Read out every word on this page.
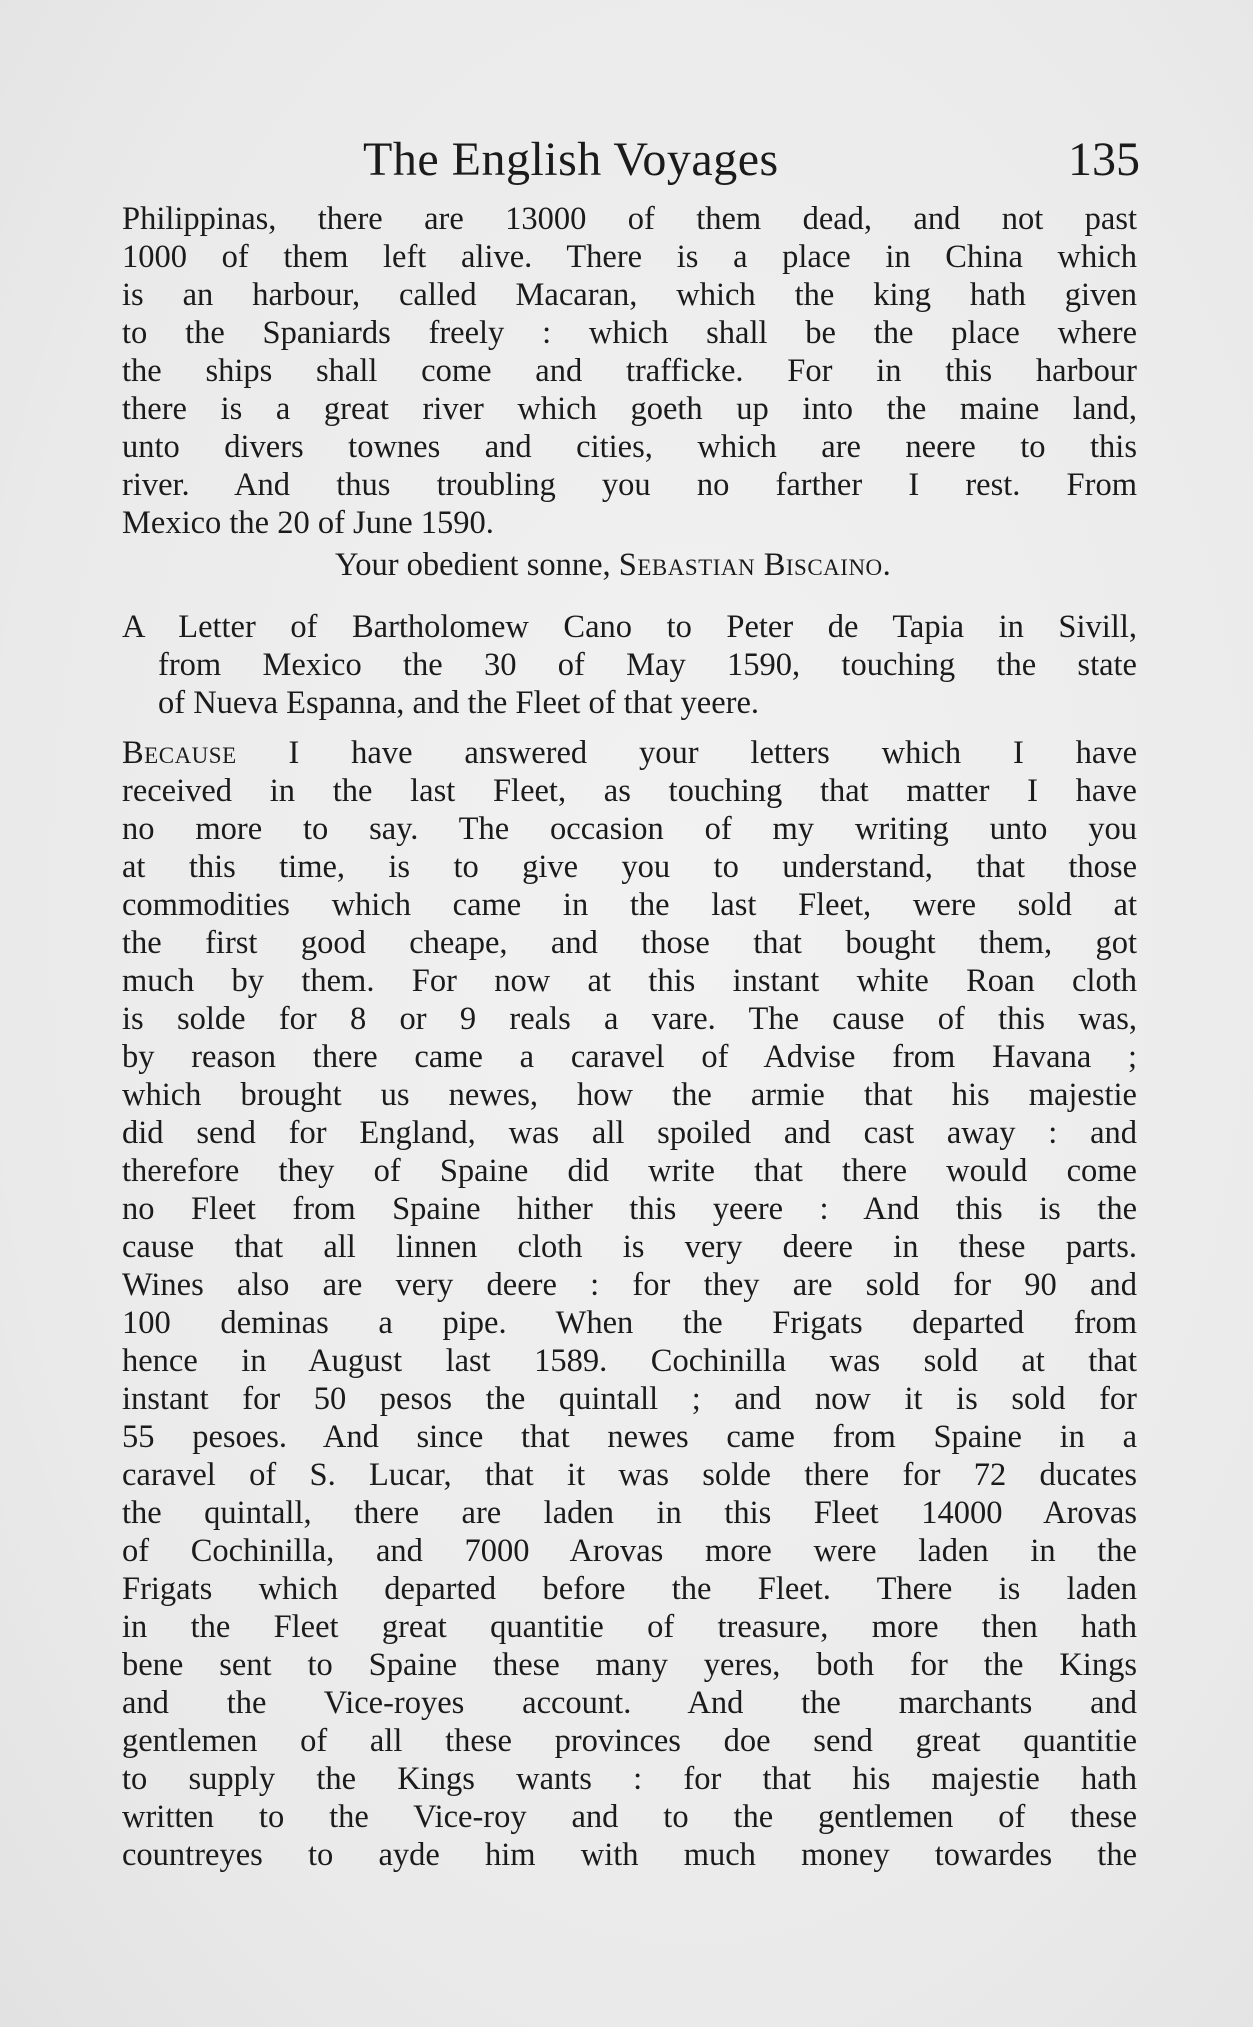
The English Voyages	135
Philippinas, there are 13000 of them dead, and not past
1000 of them left alive. There is a place in China which
is an harbour, called Macaran, which the king hath given
to the Spaniards freely : which shall be the place where
the ships shall come and trafficke. For in this harbour
there is a great river which goeth up into the maine land,
unto divers townes and cities, which are neere to this
river. And thus troubling you no farther I rest. From
Mexico the 20 of June 1590.
Your obedient sonne, Sebastian Biscaino.
A Letter of Bartholomew Cano to Peter de Tapia in Sivill,
from Mexico the 30 of May 1590, touching the state
of Nueva Espanna, and the Fleet of that yeere.
Because I have answered your letters which I have
received in the last Fleet, as touching that matter I have
no more to say. The occasion of my writing unto you
at this time, is to give you to understand, that those
commodities which came in the last Fleet, were sold at
the first good cheape, and those that bought them, got
much by them. For now at this instant white Roan cloth
is solde for 8 or 9 reals a vare. The cause of this was,
by reason there came a caravel of Advise from Havana ;
which brought us newes, how the armie that his majestie
did send for England, was all spoiled and cast away : and
therefore they of Spaine did write that there would come
no Fleet from Spaine hither this yeere : And this is the
cause that all linnen cloth is very deere in these parts.
Wines also are very deere : for they are sold for 90 and
100 deminas a pipe. When the Frigats departed from
hence in August last 1589. Cochinilla was sold at that
instant for 50 pesos the quintall ; and now it is sold for
55 pesoes. And since that newes came from Spaine in a
caravel of S. Lucar, that it was solde there for 72 ducates
the quintall, there are laden in this Fleet 14000 Arovas
of Cochinilla, and 7000 Arovas more were laden in the
Frigats which departed before the Fleet. There is laden
in the Fleet great quantitie of treasure, more then hath
bene sent to Spaine these many yeres, both for the Kings
and the Vice-royes account. And the marchants and
gentlemen of all these provinces doe send great quantitie
to supply the Kings wants : for that his majestie hath
written to the Vice-roy and to the gentlemen of these
countreyes to ayde him with much money towardes the
